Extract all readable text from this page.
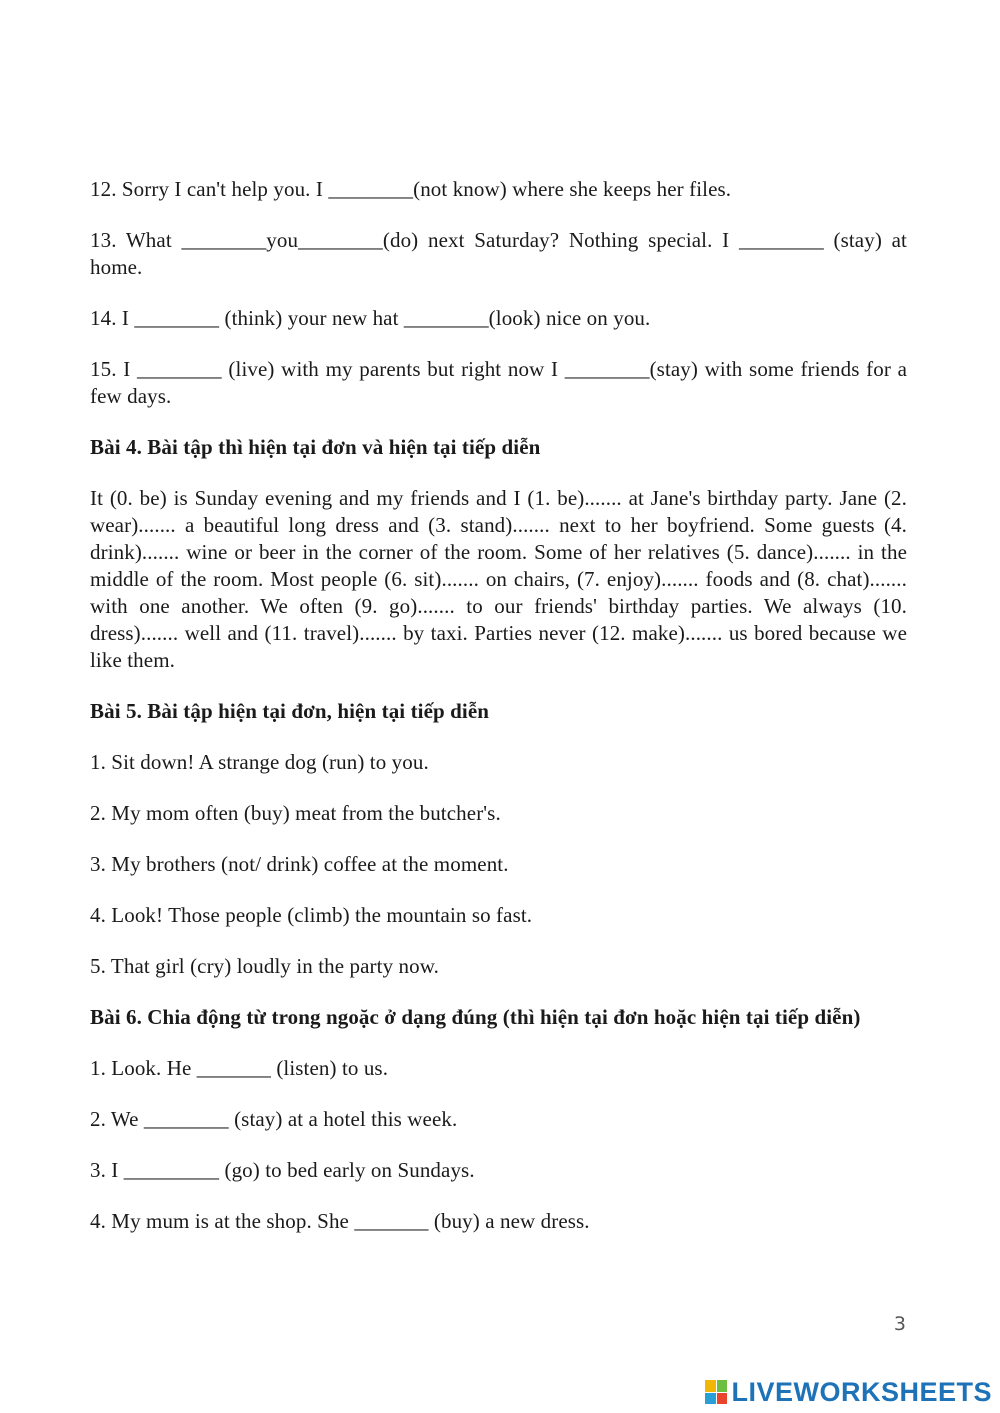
12. Sorry I can't help you. I ________(not know) where she keeps her files.

13. What ________you________(do) next Saturday? Nothing special. I ________ (stay) at home.

14. I ________ (think) your new hat ________(look) nice on you.

15. I ________ (live) with my parents but right now I ________(stay) with some friends for a few days.

Bài 4. Bài tập thì hiện tại đơn và hiện tại tiếp diễn

It (0. be) is Sunday evening and my friends and I (1. be)....... at Jane's birthday party. Jane (2. wear)....... a beautiful long dress and (3. stand)....... next to her boyfriend. Some guests (4. drink)....... wine or beer in the corner of the room. Some of her relatives (5. dance)....... in the middle of the room. Most people (6. sit)....... on chairs, (7. enjoy)....... foods and (8. chat)....... with one another. We often (9. go)....... to our friends' birthday parties. We always (10. dress)....... well and (11. travel)....... by taxi. Parties never (12. make)....... us bored because we like them.

Bài 5. Bài tập hiện tại đơn, hiện tại tiếp diễn

1. Sit down! A strange dog (run) to you.

2. My mom often (buy) meat from the butcher's.

3. My brothers (not/ drink) coffee at the moment.

4. Look! Those people (climb) the mountain so fast.

5. That girl (cry) loudly in the party now.

Bài 6. Chia động từ trong ngoặc ở dạng đúng (thì hiện tại đơn hoặc hiện tại tiếp diễn)

1. Look. He _______ (listen) to us.

2. We ________ (stay) at a hotel this week.

3. I _________ (go) to bed early on Sundays.

4. My mum is at the shop. She _______ (buy) a new dress.

3
LIVEWORKSHEETS
